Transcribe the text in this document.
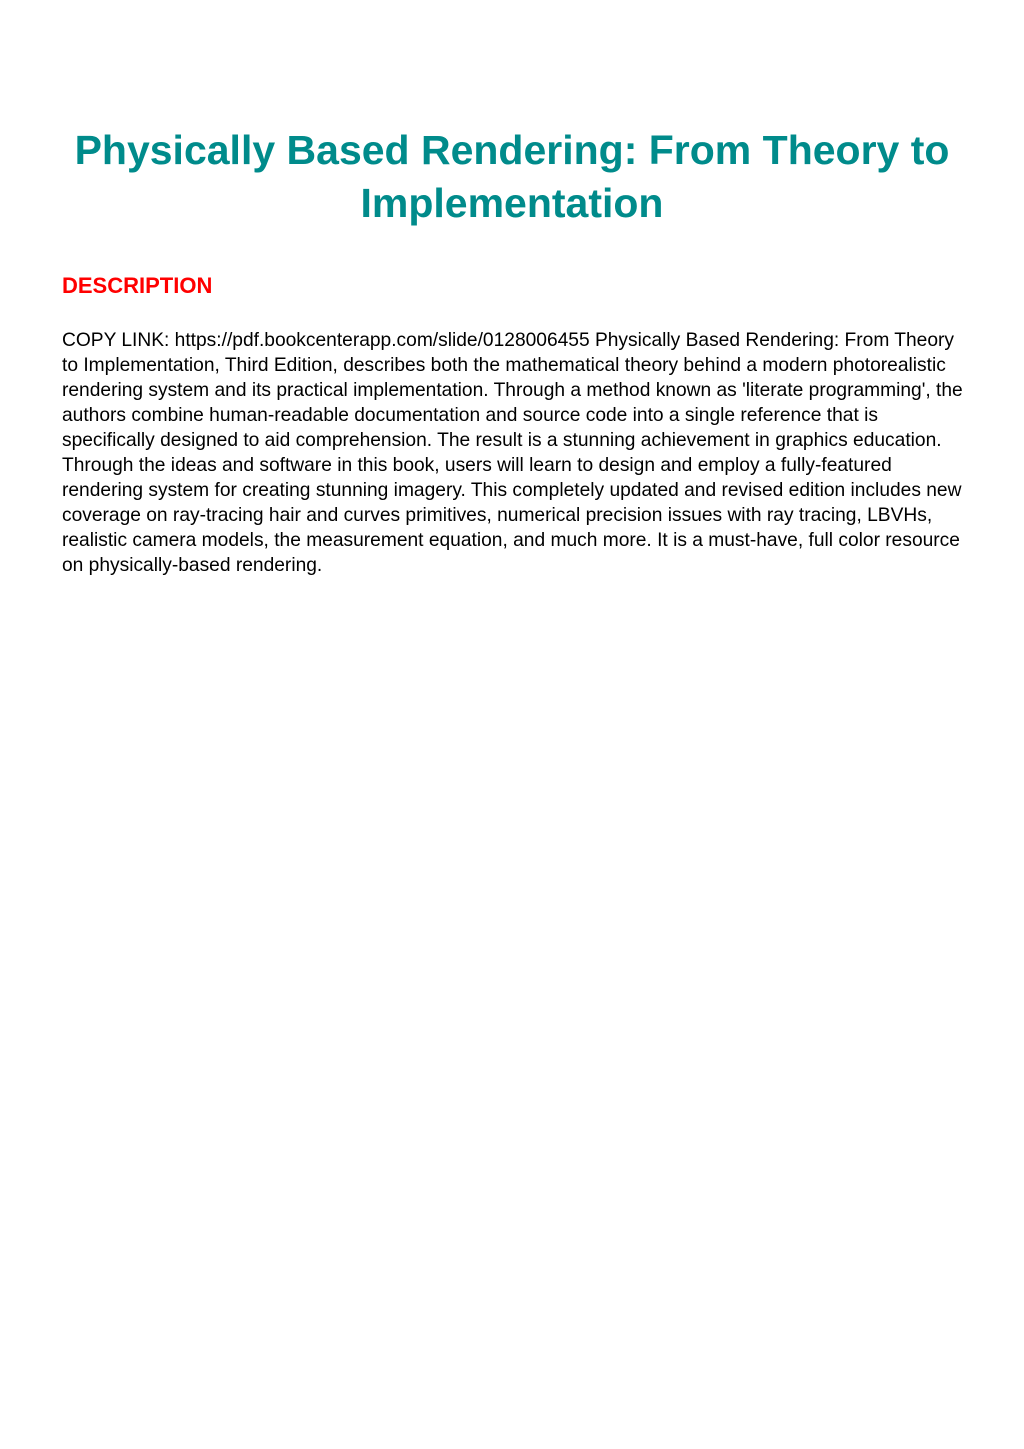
Physically Based Rendering: From Theory to Implementation
DESCRIPTION

COPY LINK: https://pdf.bookcenterapp.com/slide/0128006455 Physically Based Rendering: From Theory to Implementation, Third Edition, describes both the mathematical theory behind a modern photorealistic rendering system and its practical implementation. Through a method known as 'literate programming', the authors combine human-readable documentation and source code into a single reference that is specifically designed to aid comprehension. The result is a stunning achievement in graphics education. Through the ideas and software in this book, users will learn to design and employ a fully-featured rendering system for creating stunning imagery. This completely updated and revised edition includes new coverage on ray-tracing hair and curves primitives, numerical precision issues with ray tracing, LBVHs, realistic camera models, the measurement equation, and much more. It is a must-have, full color resource on physically-based rendering.
